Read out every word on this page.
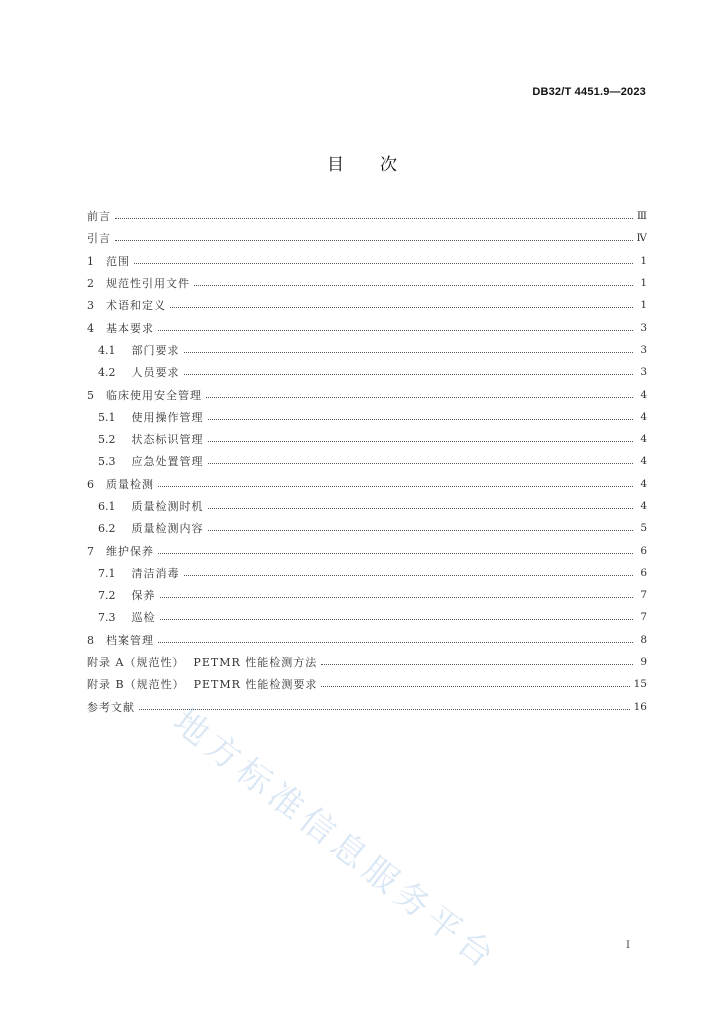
DB32/T 4451.9—2023
目次
前言	Ⅲ
引言	Ⅳ
1 范围	1
2 规范性引用文件	1
3 术语和定义	1
4 基本要求	3
4.1 部门要求	3
4.2 人员要求	3
5 临床使用安全管理	4
5.1 使用操作管理	4
5.2 状态标识管理	4
5.3 应急处置管理	4
6 质量检测	4
6.1 质量检测时机	4
6.2 质量检测内容	5
7 维护保养	6
7.1 清洁消毒	6
7.2 保养	7
7.3 巡检	7
8 档案管理	8
附录 A（规范性）  PETMR 性能检测方法	9
附录 B（规范性）  PETMR 性能检测要求	15
参考文献	16
I
地方标准信息服务平台
